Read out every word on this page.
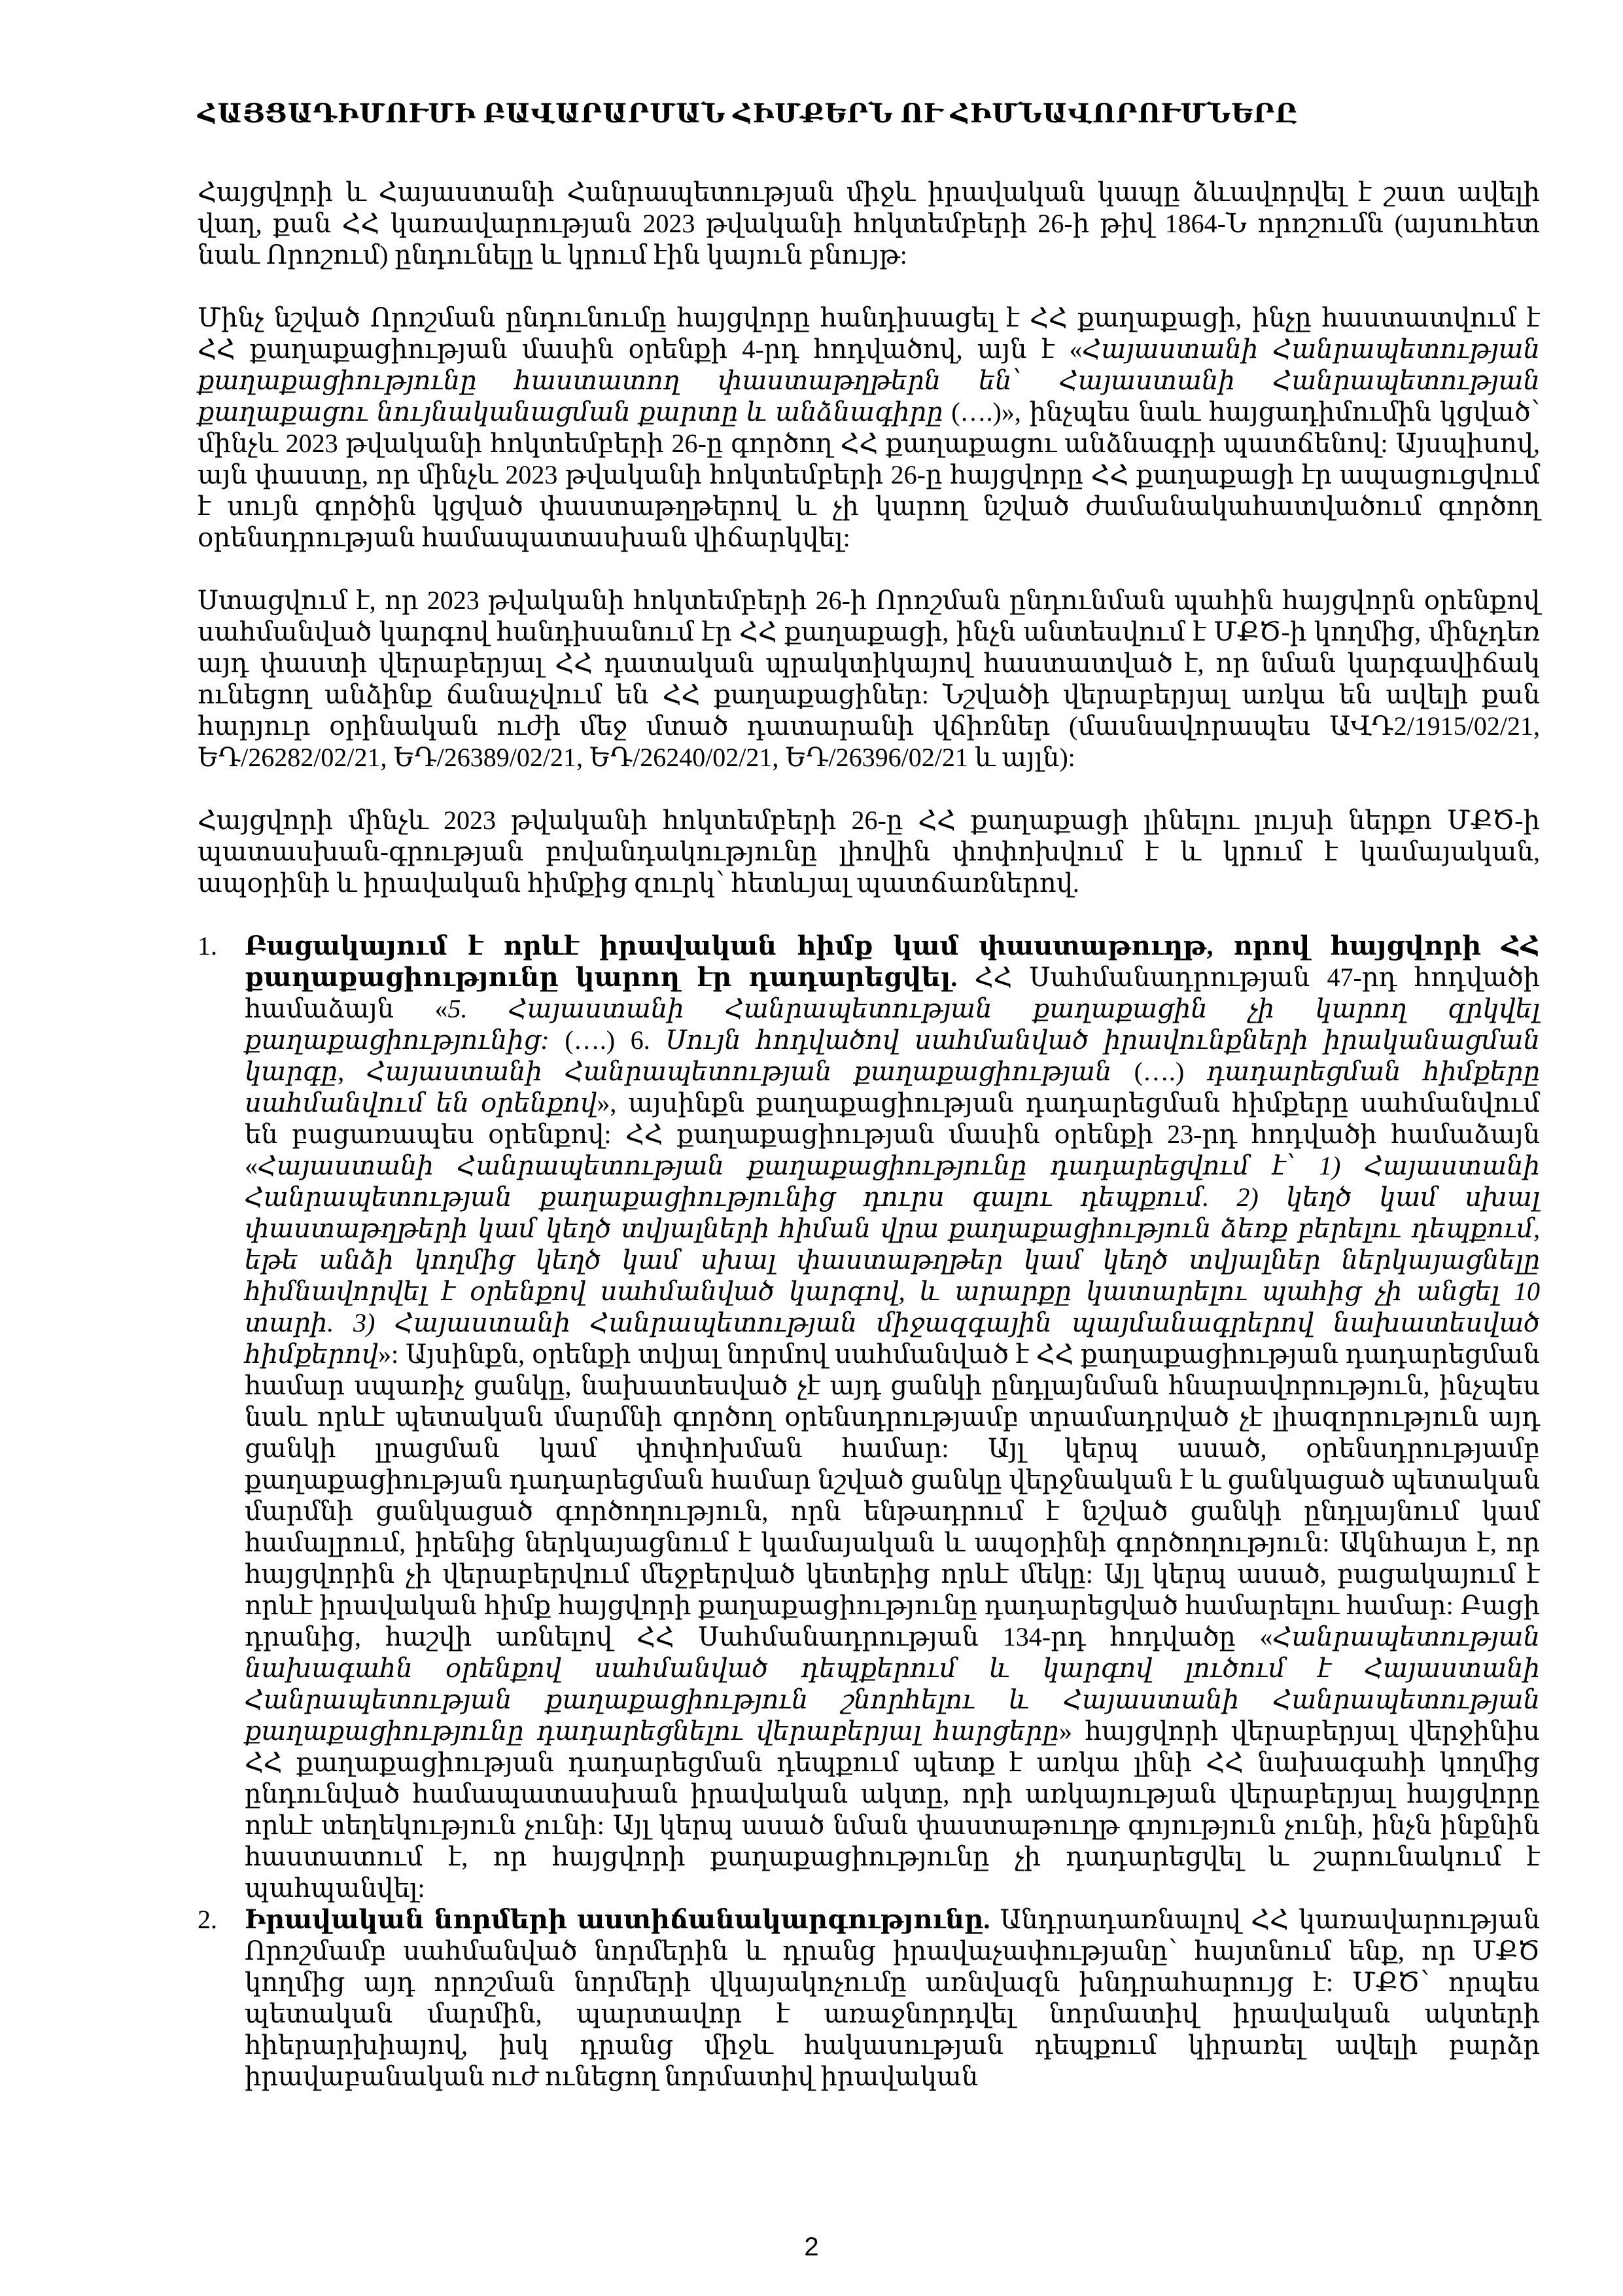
ՀԱՅՑԱԴԻՄՈՒՄԻ ԲԱՎԱՐԱՐՄԱՆ ՀԻՄՔԵՐՆ ՈՒ ՀԻՄՆԱՎՈՐՈՒՄՆԵՐԸ

Հայցվորի և Հայաստանի Հանրապետության միջև իրավական կապը ձևավորվել է շատ ավելի վաղ, քան ՀՀ կառավարության 2023 թվականի հոկտեմբերի 26-ի թիվ 1864-Ն որոշումն (այսուհետ նաև Որոշում) ընդունելը և կրում էին կայուն բնույթ:

Մինչ նշված Որոշման ընդունումը հայցվորը հանդիսացել է ՀՀ քաղաքացի, ինչը հաստատվում է ՀՀ քաղաքացիության մասին օրենքի 4-րդ հոդվածով, այն է «Հայաստանի Հանրապետության քաղաքացիությունը հաստատող փաստաթղթերն են՝ Հայաստանի Հանրապետության քաղաքացու նույնականացման քարտը և անձնագիրը (….)», ինչպես նաև հայցադիմումին կցված՝ մինչև 2023 թվականի հոկտեմբերի 26-ը գործող ՀՀ քաղաքացու անձնագրի պատճենով: Այսպիսով, այն փաստը, որ մինչև 2023 թվականի հոկտեմբերի 26-ը հայցվորը ՀՀ քաղաքացի էր ապացուցվում է սույն գործին կցված փաստաթղթերով և չի կարող նշված ժամանակահատվածում գործող օրենսդրության համապատասխան վիճարկվել:

Ստացվում է, որ 2023 թվականի հոկտեմբերի 26-ի Որոշման ընդունման պահին հայցվորն օրենքով սահմանված կարգով հանդիսանում էր ՀՀ քաղաքացի, ինչն անտեսվում է ՄՔԾ-ի կողմից, մինչդեռ այդ փաստի վերաբերյալ ՀՀ դատական պրակտիկայով հաստատված է, որ նման կարգավիճակ ունեցող անձինք ճանաչվում են ՀՀ քաղաքացիներ: Նշվածի վերաբերյալ առկա են ավելի քան հարյուր օրինական ուժի մեջ մտած դատարանի վճիռներ (մասնավորապես ԱՎԴ2/1915/02/21, ԵԴ/26282/02/21, ԵԴ/26389/02/21, ԵԴ/26240/02/21, ԵԴ/26396/02/21 և այլն):

Հայցվորի մինչև 2023 թվականի հոկտեմբերի 26-ը ՀՀ քաղաքացի լինելու լույսի ներքո ՄՔԾ-ի պատասխան-գրության բովանդակությունը լիովին փոփոխվում է և կրում է կամայական, ապօրինի և իրավական հիմքից զուրկ՝ հետևյալ պատճառներով.

1. Բացակայում է որևէ իրավական հիմք կամ փաստաթուղթ, որով հայցվորի ՀՀ քաղաքացիությունը կարող էր դադարեցվել. ՀՀ Սահմանադրության 47-րդ հոդվածի համաձայն «5. Հայաստանի Հանրապետության քաղաքացին չի կարող զրկվել քաղաքացիությունից: (….) 6. Սույն հոդվածով սահմանված իրավունքների իրականացման կարգը, Հայաստանի Հանրապետության քաղաքացիության (….) դադարեցման հիմքերը սահմանվում են օրենքով», այսինքն քաղաքացիության դադարեցման հիմքերը սահմանվում են բացառապես օրենքով: ՀՀ քաղաքացիության մասին օրենքի 23-րդ հոդվածի համաձայն «Հայաստանի Հանրապետության քաղաքացիությունը դադարեցվում է՝ 1) Հայաստանի Հանրապետության քաղաքացիությունից դուրս գալու դեպքում. 2) կեղծ կամ սխալ փաստաթղթերի կամ կեղծ տվյալների հիման վրա քաղաքացիություն ձեռք բերելու դեպքում, եթե անձի կողմից կեղծ կամ սխալ փաստաթղթեր կամ կեղծ տվյալներ ներկայացնելը հիմնավորվել է օրենքով սահմանված կարգով, և արարքը կատարելու պահից չի անցել 10 տարի. 3) Հայաստանի Հանրապետության միջազգային պայմանագրերով նախատեսված հիմքերով»: Այսինքն, օրենքի տվյալ նորմով սահմանված է ՀՀ քաղաքացիության դադարեցման համար սպառիչ ցանկը, նախատեսված չէ այդ ցանկի ընդլայնման հնարավորություն, ինչպես նաև որևէ պետական մարմնի գործող օրենսդրությամբ տրամադրված չէ լիազորություն այդ ցանկի լրացման կամ փոփոխման համար: Այլ կերպ ասած, օրենսդրությամբ քաղաքացիության դադարեցման համար նշված ցանկը վերջնական է և ցանկացած պետական մարմնի ցանկացած գործողություն, որն ենթադրում է նշված ցանկի ընդլայնում կամ համալրում, իրենից ներկայացնում է կամայական և ապօրինի գործողություն: Ակնհայտ է, որ հայցվորին չի վերաբերվում մեջբերված կետերից որևէ մեկը: Այլ կերպ ասած, բացակայում է որևէ իրավական հիմք հայցվորի քաղաքացիությունը դադարեցված համարելու համար: Բացի դրանից, հաշվի առնելով ՀՀ Սահմանադրության 134-րդ հոդվածը «Հանրապետության նախագահն օրենքով սահմանված դեպքերում և կարգով լուծում է Հայաստանի Հանրապետության քաղաքացիություն շնորհելու և Հայաստանի Հանրապետության քաղաքացիությունը դադարեցնելու վերաբերյալ հարցերը» հայցվորի վերաբերյալ վերջինիս ՀՀ քաղաքացիության դադարեցման դեպքում պետք է առկա լինի ՀՀ նախագահի կողմից ընդունված համապատասխան իրավական ակտը, որի առկայության վերաբերյալ հայցվորը որևէ տեղեկություն չունի: Այլ կերպ ասած նման փաստաթուղթ գոյություն չունի, ինչն ինքնին հաստատում է, որ հայցվորի քաղաքացիությունը չի դադարեցվել և շարունակում է պահպանվել:
2. Իրավական նորմերի աստիճանակարգությունը. Անդրադառնալով ՀՀ կառավարության Որոշմամբ սահմանված նորմերին և դրանց իրավաչափությանը՝ հայտնում ենք, որ ՄՔԾ կողմից այդ որոշման նորմերի վկայակոչումը առնվազն խնդրահարույց է: ՄՔԾ՝ որպես պետական մարմին, պարտավոր է առաջնորդվել նորմատիվ իրավական ակտերի հիերարխիայով, իսկ դրանց միջև հակասության դեպքում կիրառել ավելի բարձր իրավաբանական ուժ ունեցող նորմատիվ իրավական
2
